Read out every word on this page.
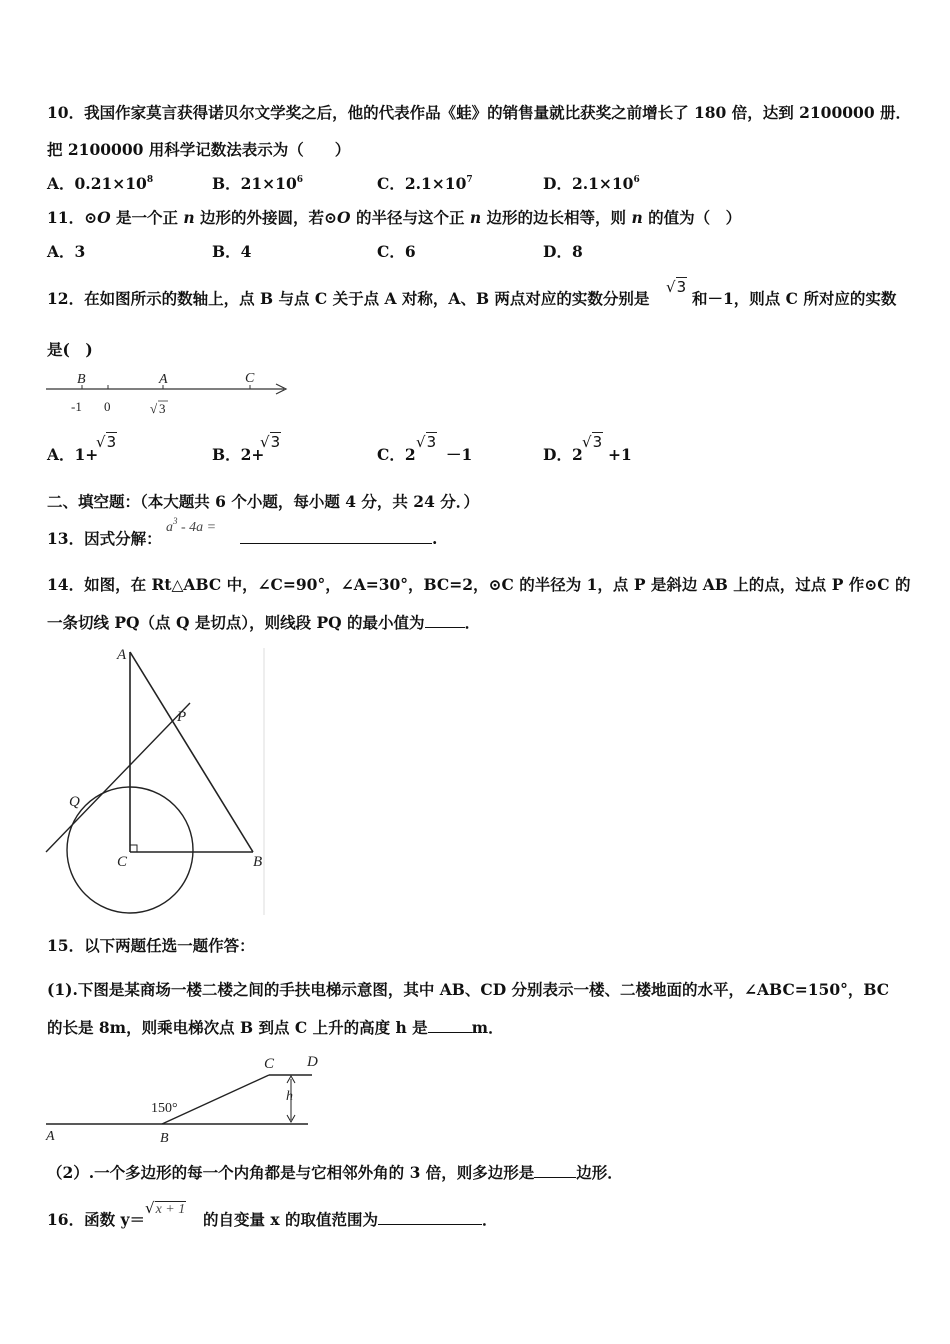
10．我国作家莫言获得诺贝尔文学奖之后，他的代表作品《蛙》的销售量就比获奖之前增长了 180 倍，达到 2100000 册．
把 2100000 用科学记数法表示为（　　）
A．$0.21\times 10^8$	B．$21\times 10^6$	C．$2.1\times 10^7$	D．$2.1\times 10^6$
11．⊙O 是一个正 n 边形的外接圆，若⊙O 的半径与这个正 n 边形的边长相等，则 n 的值为（　）
A．3	B．4	C．6	D．8
12．在如图所示的数轴上，点 B 与点 C 关于点 A 对称，A、B 两点对应的实数分别是
√3
和－1，则点 C 所对应的实数
是(　)
B	A	C
-1 0	√ 3
A．1+
√3
B．2+
√3
C．2
√3
－1	D．2
√3
+1
二、填空题：（本大题共 6 个小题，每小题 4 分，共 24 分．）
13．因式分解：
$a^3 - 4a$ =
.
14．如图，在 Rt△ABC 中，∠C=90°，∠A=30°，BC=2，⊙C 的半径为 1，点 P 是斜边 AB 上的点，过点 P 作⊙C 的
一条切线 PQ（点 Q 是切点），则线段 PQ 的最小值为	．
A
P
Q
C	B
15．以下两题任选一题作答：
(1).下图是某商场一楼二楼之间的手扶电梯示意图，其中 AB、CD 分别表示一楼、二楼地面的水平，∠ABC=150°，BC
的长是 8m，则乘电梯次点 B 到点 C 上升的高度 h 是	m．
C D
h
150°
A	B
（2）.一个多边形的每一个内角都是与它相邻外角的 3 倍，则多边形是	边形．
16．函数 y＝
√x + 1
的自变量 x 的取值范围为	．
